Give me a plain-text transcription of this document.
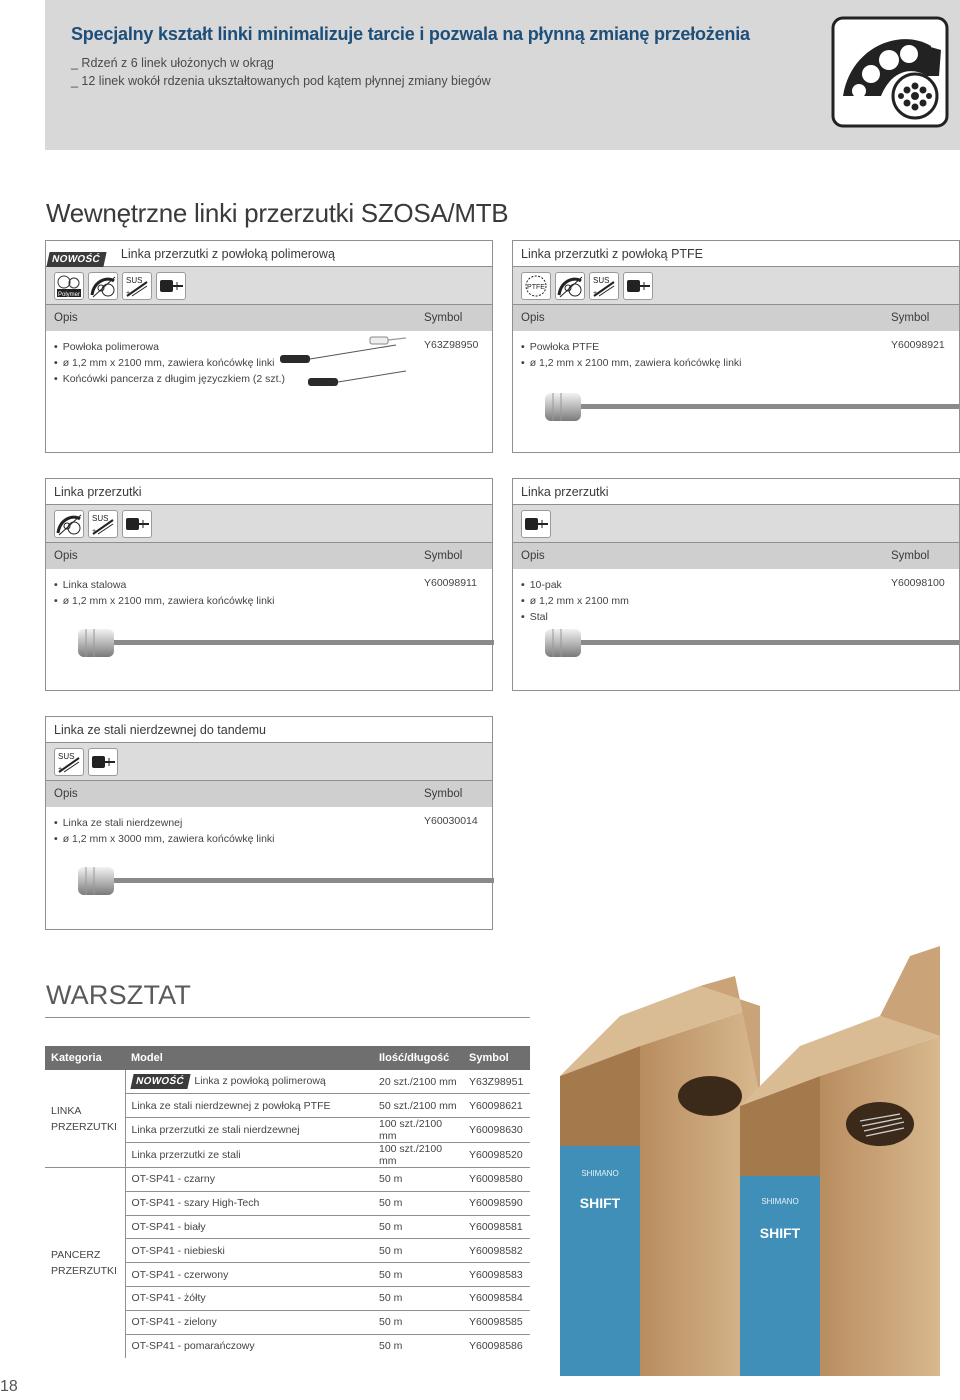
Specjalny kształt linki minimalizuje tarcie i pozwala na płynną zmianę przełożenia
_ Rdzeń z 6 linek ułożonych w okrąg
_ 12 linek wokół rdzenia ukształtowanych pod kątem płynnej zmiany biegów
Wewnętrzne linki przerzutki SZOSA/MTB
NOWOŚĆ Linka przerzutki z powłoką polimerową
Polymer
SUS
+
Opis	Symbol
• Powłoka polimerowa
• ø 1,2 mm x 2100 mm, zawiera końcówkę linki
• Końcówki pancerza z długim języczkiem (2 szt.)
Y63Z98950
Linka przerzutki z powłoką PTFE
PTFE
SUS
+
Opis	Symbol
• Powłoka PTFE
• ø 1,2 mm x 2100 mm, zawiera końcówkę linki
Y60098921
Linka przerzutki
SUS
+
Opis	Symbol
• Linka stalowa
• ø 1,2 mm x 2100 mm, zawiera końcówkę linki
Y60098911
Linka przerzutki
Opis	Symbol
• 10-pak
• ø 1,2 mm x 2100 mm
• Stal
Y60098100
Linka ze stali nierdzewnej do tandemu
SUS
+
Opis	Symbol
• Linka ze stali nierdzewnej
• ø 1,2 mm x 3000 mm, zawiera końcówkę linki
Y60030014
WARSZTAT
Kategoria	Model	Ilość/długość	Symbol

LINKA
PRZERZUTKI	NOWOŚĆ Linka z powłoką polimerową	20 szt./2100 mm	Y63Z98951
	Linka ze stali nierdzewnej z powłoką PTFE	50 szt./2100 mm	Y60098621
	Linka przerzutki ze stali nierdzewnej	100 szt./2100 mm	Y60098630
	Linka przerzutki ze stali	100 szt./2100 mm	Y60098520

PANCERZ
PRZERZUTKI	OT-SP41 - czarny	50 m	Y60098580
	OT-SP41 - szary High-Tech	50 m	Y60098590
	OT-SP41 - biały	50 m	Y60098581
	OT-SP41 - niebieski	50 m	Y60098582
	OT-SP41 - czerwony	50 m	Y60098583
	OT-SP41 - żółty	50 m	Y60098584
	OT-SP41 - zielony	50 m	Y60098585
	OT-SP41 - pomarańczowy	50 m	Y60098586
SHIMANO
SHIFT	SHIMANO
SHIFT
18
